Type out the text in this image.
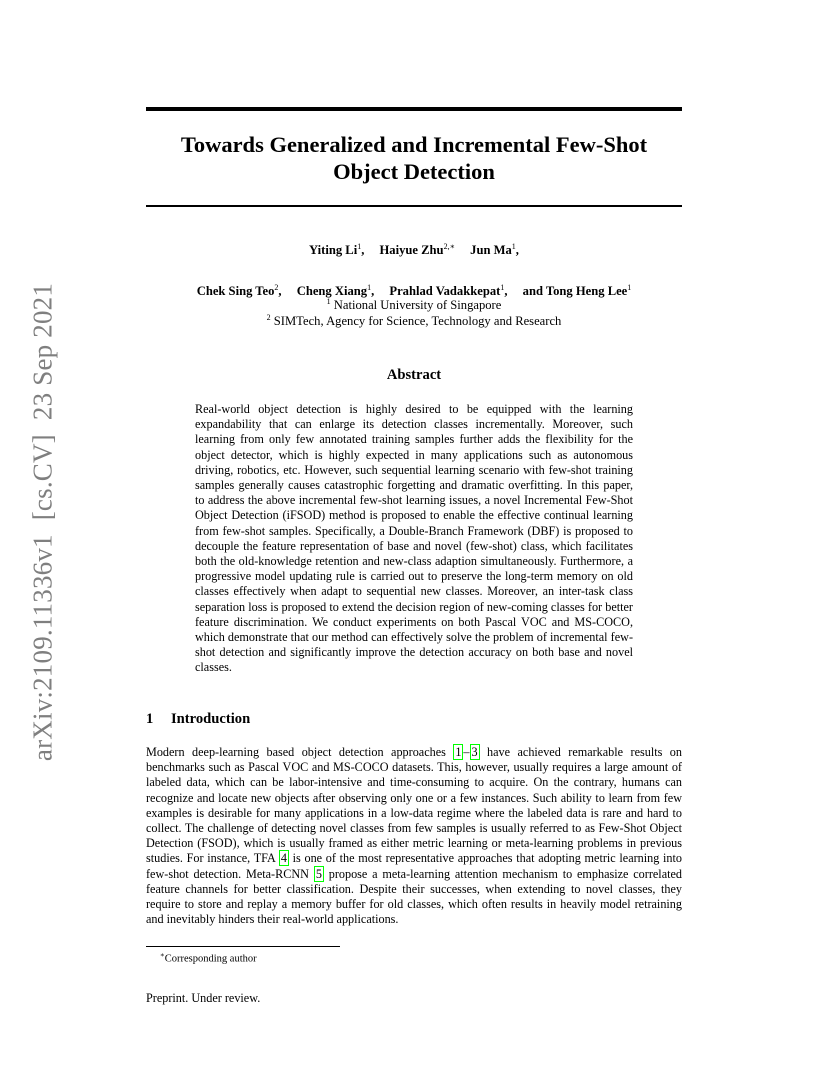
Towards Generalized and Incremental Few-Shot
Object Detection
Yiting Li$^1$, Haiyue Zhu$^{2,∗}$ Jun Ma$^1$,
Chek Sing Teo$^2$, Cheng Xiang$^1$, Prahlad Vadakkepat$^1$, and Tong Heng Lee$^1$
$^1$ National University of Singapore
$^2$ SIMTech, Agency for Science, Technology and Research
Abstract
Real-world object detection is highly desired to be equipped with the learning expandability that can enlarge its detection classes incrementally. Moreover, such learning from only few annotated training samples further adds the flexibility for the object detector, which is highly expected in many applications such as autonomous driving, robotics, etc. However, such sequential learning scenario with few-shot training samples generally causes catastrophic forgetting and dramatic overfitting. In this paper, to address the above incremental few-shot learning issues, a novel Incremental Few-Shot Object Detection (iFSOD) method is proposed to enable the effective continual learning from few-shot samples. Specifically, a Double-Branch Framework (DBF) is proposed to decouple the feature representation of base and novel (few-shot) class, which facilitates both the old-knowledge retention and new-class adaption simultaneously. Furthermore, a progressive model updating rule is carried out to preserve the long-term memory on old classes effectively when adapt to sequential new classes. Moreover, an inter-task class separation loss is proposed to extend the decision region of new-coming classes for better feature discrimination. We conduct experiments on both Pascal VOC and MS-COCO, which demonstrate that our method can effectively solve the problem of incremental few-shot detection and significantly improve the detection accuracy on both base and novel classes.
1 Introduction
Modern deep-learning based object detection approaches 1 – 3 have achieved remarkable results on benchmarks such as Pascal VOC and MS-COCO datasets. This, however, usually requires a large amount of labeled data, which can be labor-intensive and time-consuming to acquire. On the contrary, humans can recognize and locate new objects after observing only one or a few instances. Such ability to learn from few examples is desirable for many applications in a low-data regime where the labeled data is rare and hard to collect. The challenge of detecting novel classes from few samples is usually referred to as Few-Shot Object Detection (FSOD), which is usually framed as either metric learning or meta-learning problems in previous studies. For instance, TFA 4 is one of the most representative approaches that adopting metric learning into few-shot detection. Meta-RCNN 5 propose a meta-learning attention mechanism to emphasize correlated feature channels for better classification. Despite their successes, when extending to novel classes, they require to store and replay a memory buffer for old classes, which often results in heavily model retraining and inevitably hinders their real-world applications.
∗Corresponding author
Preprint. Under review.
arXiv:2109.11336v1[cs.CV]23 Sep 2021
